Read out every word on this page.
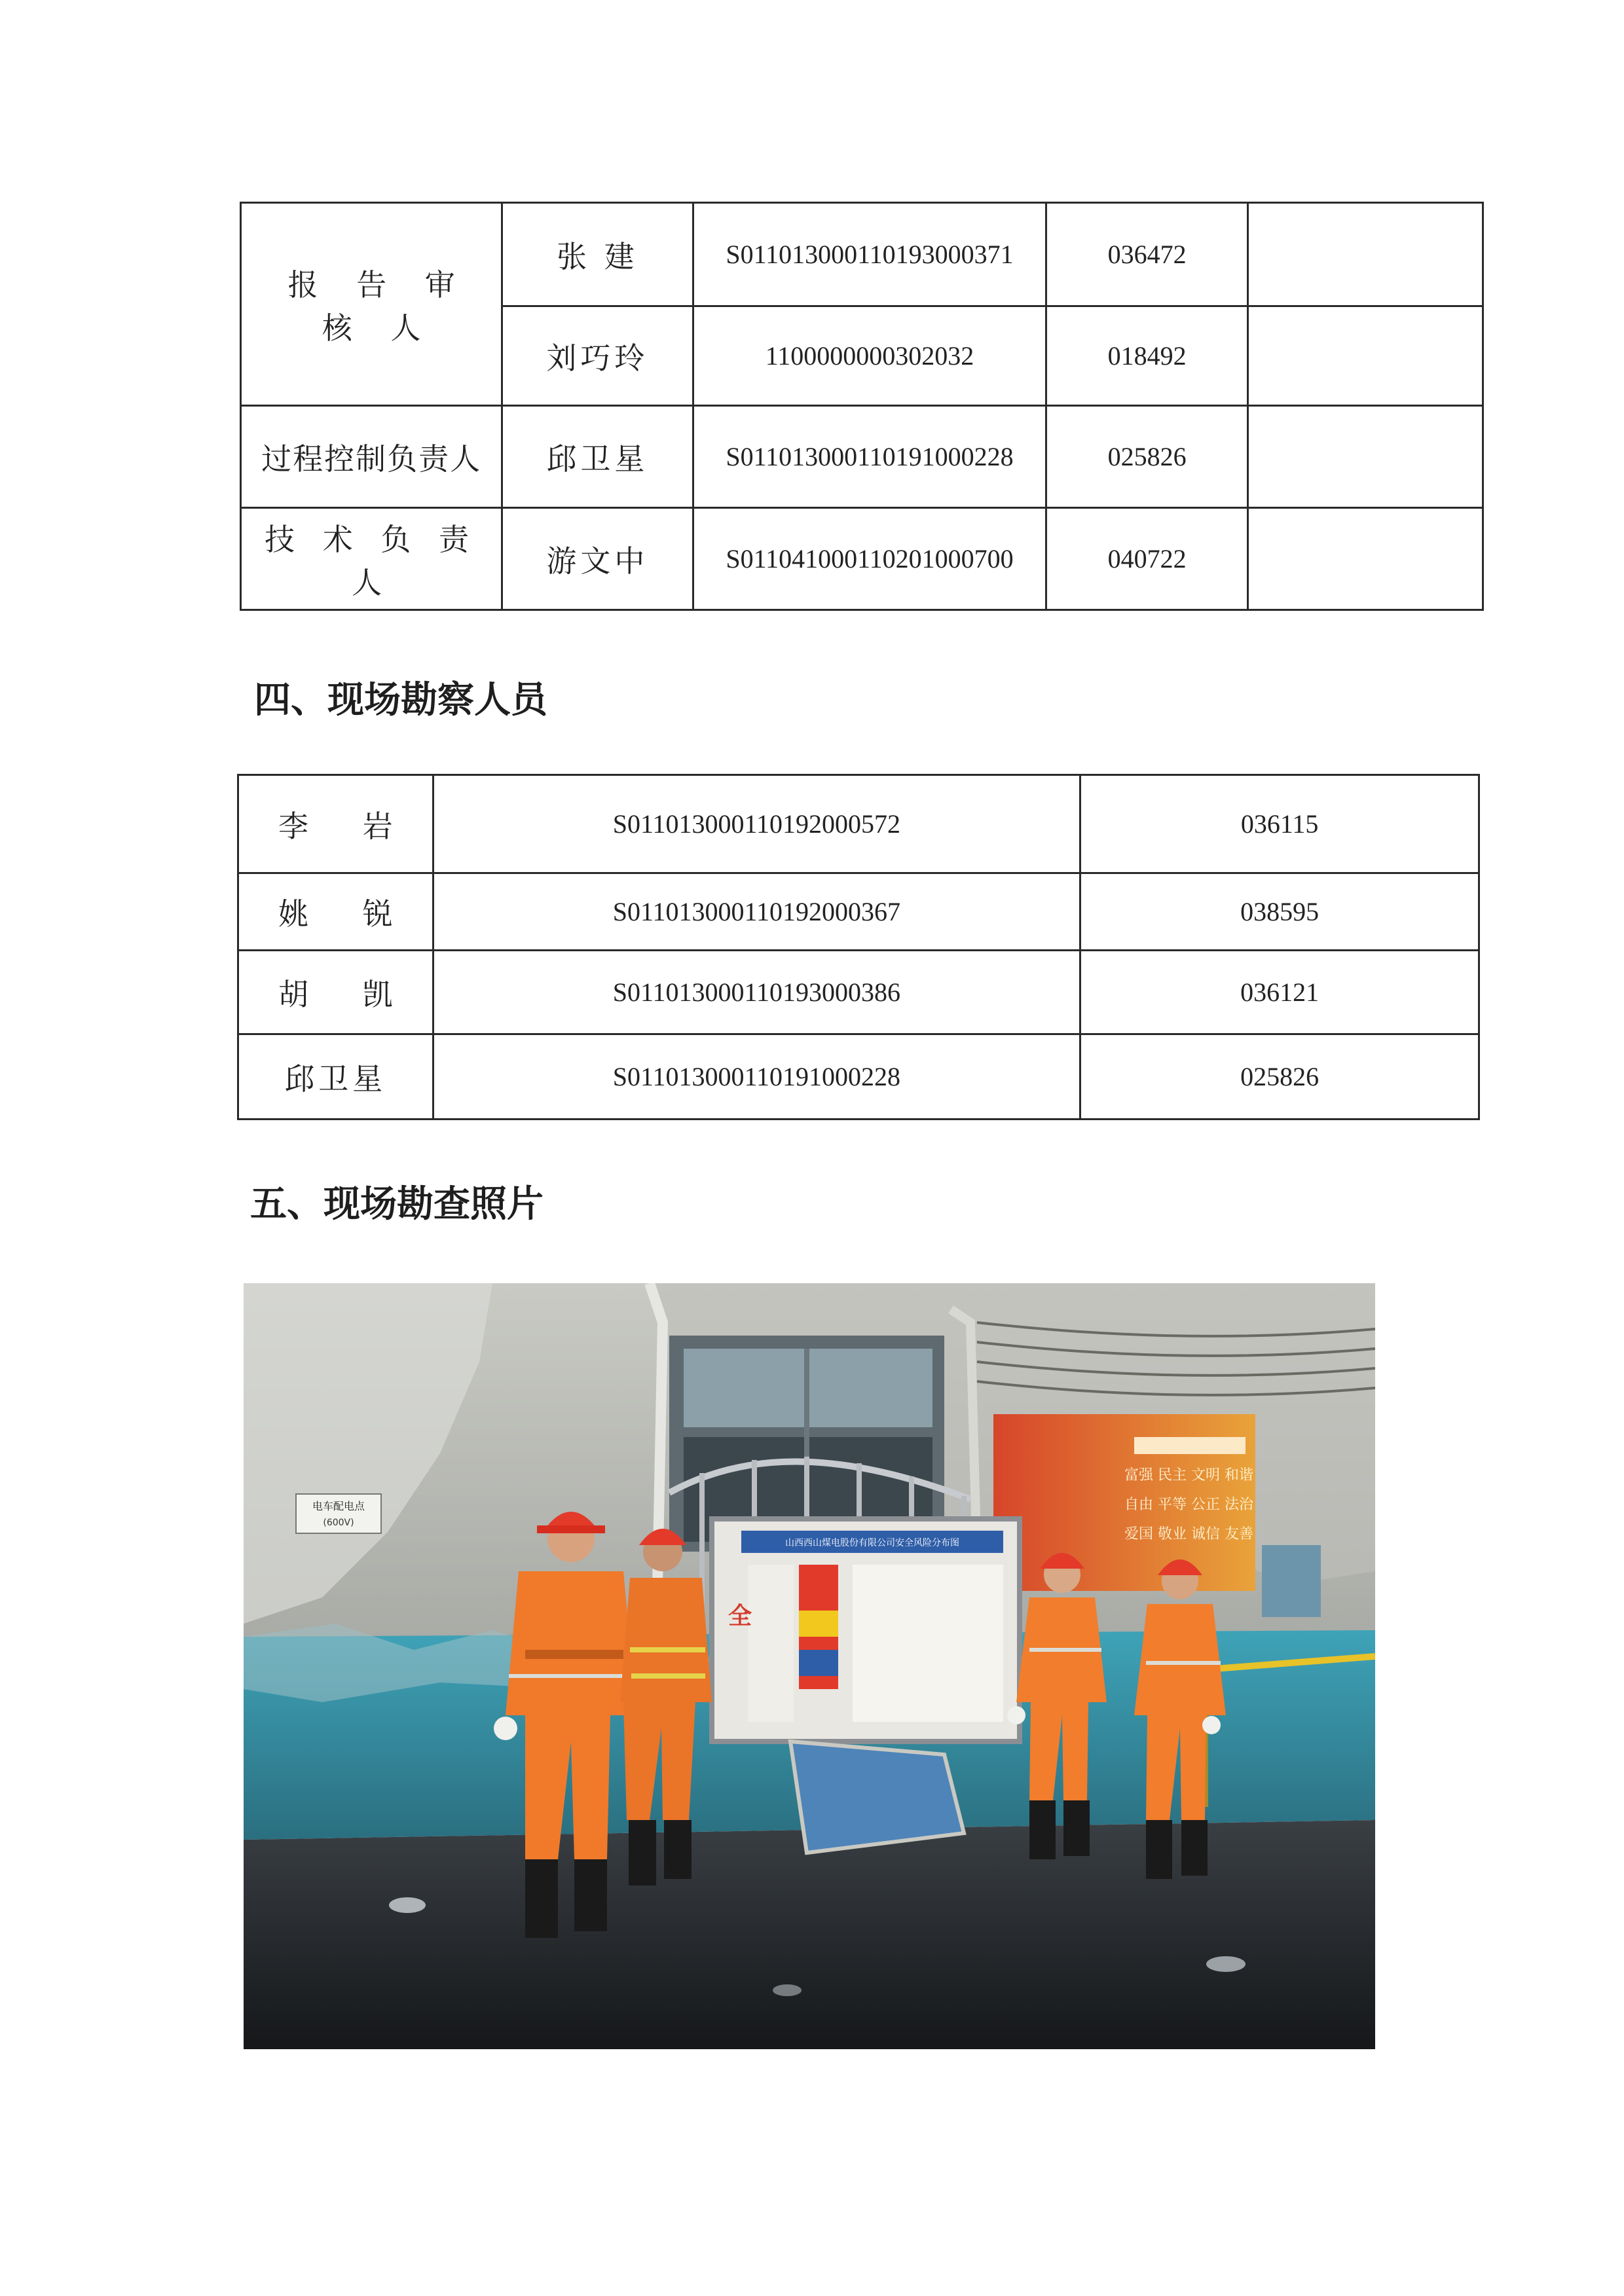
报 告 审 核 人	张 建	S011013000110193000371	036472	
	刘巧玲	1100000000302032	018492	
过程控制负责人	邱卫星	S011013000110191000228	025826	
技 术 负 责 人	游文中	S011041000110201000700	040722	
四、现场勘察人员
李 岩	S011013000110192000572	036115
姚 锐	S011013000110192000367	038595
胡 凯	S011013000110193000386	036121
邱卫星	S011013000110191000228	025826
五、现场勘查照片
电车配电点
(600V)
富强 民主 文明 和谐
自由 平等 公正 法治
爱国 敬业 诚信 友善
山西西山煤电股份有限公司安全风险分布图
全
